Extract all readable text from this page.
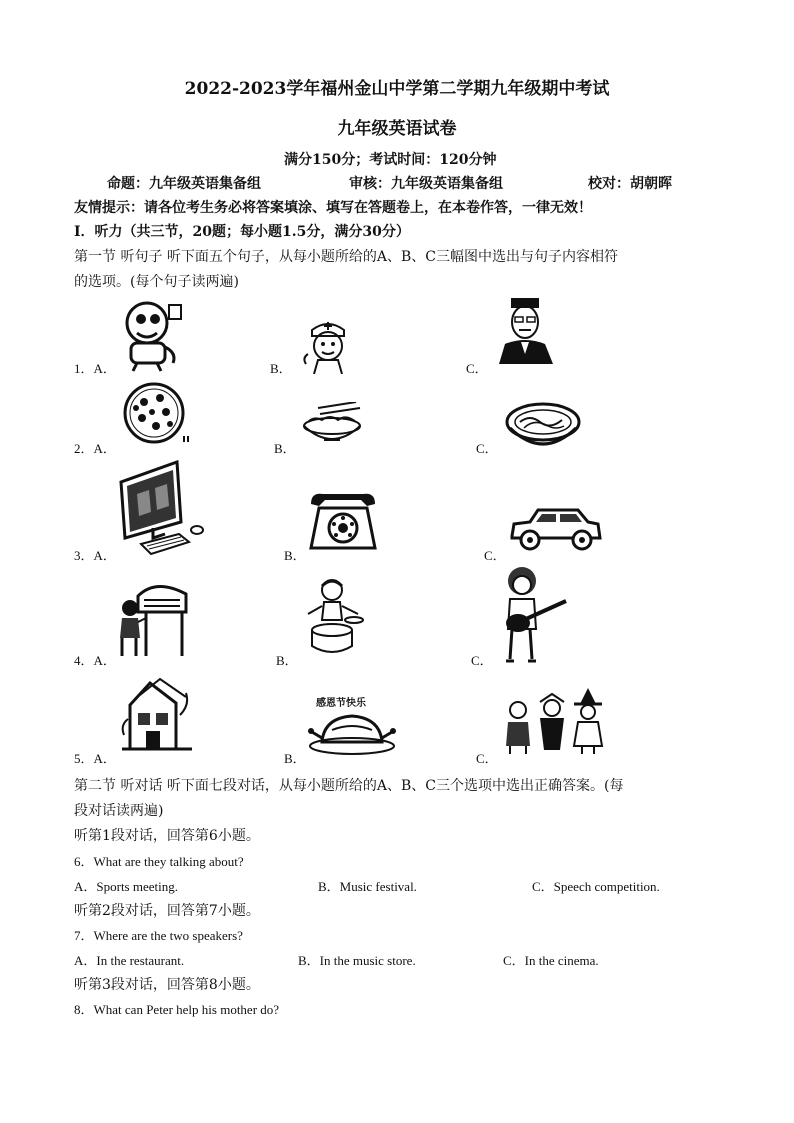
2022-2023学年福州金山中学第二学期九年级期中考试
九年级英语试卷
满分150分；考试时间：120分钟
命题：九年级英语集备组	审核：九年级英语集备组	校对：胡朝晖
友情提示：请各位考生务必将答案填涂、填写在答题卷上，在本卷作答，一律无效！
I．听力（共三节，20题；每小题1.5分，满分30分）
第一节 听句子 听下面五个句子，从每小题所给的A、B、C三幅图中选出与句子内容相符
的选项。(每个句子读两遍)
1．A．	B．	C．
2．A．	B．	C．
3．A．	B．	C．
4．A．	B．	C．
5．A．	B．	C．
感恩节快乐
第二节 听对话 听下面七段对话，从每小题所给的A、B、C三个选项中选出正确答案。(每
段对话读两遍)
听第1段对话，回答第6小题。
6．What are they talking about?
A．Sports meeting.	B．Music festival.	C．Speech competition.
听第2段对话，回答第7小题。
7．Where are the two speakers?
A．In the restaurant.	B．In the music store.	C．In the cinema.
听第3段对话，回答第8小题。
8．What can Peter help his mother do?
